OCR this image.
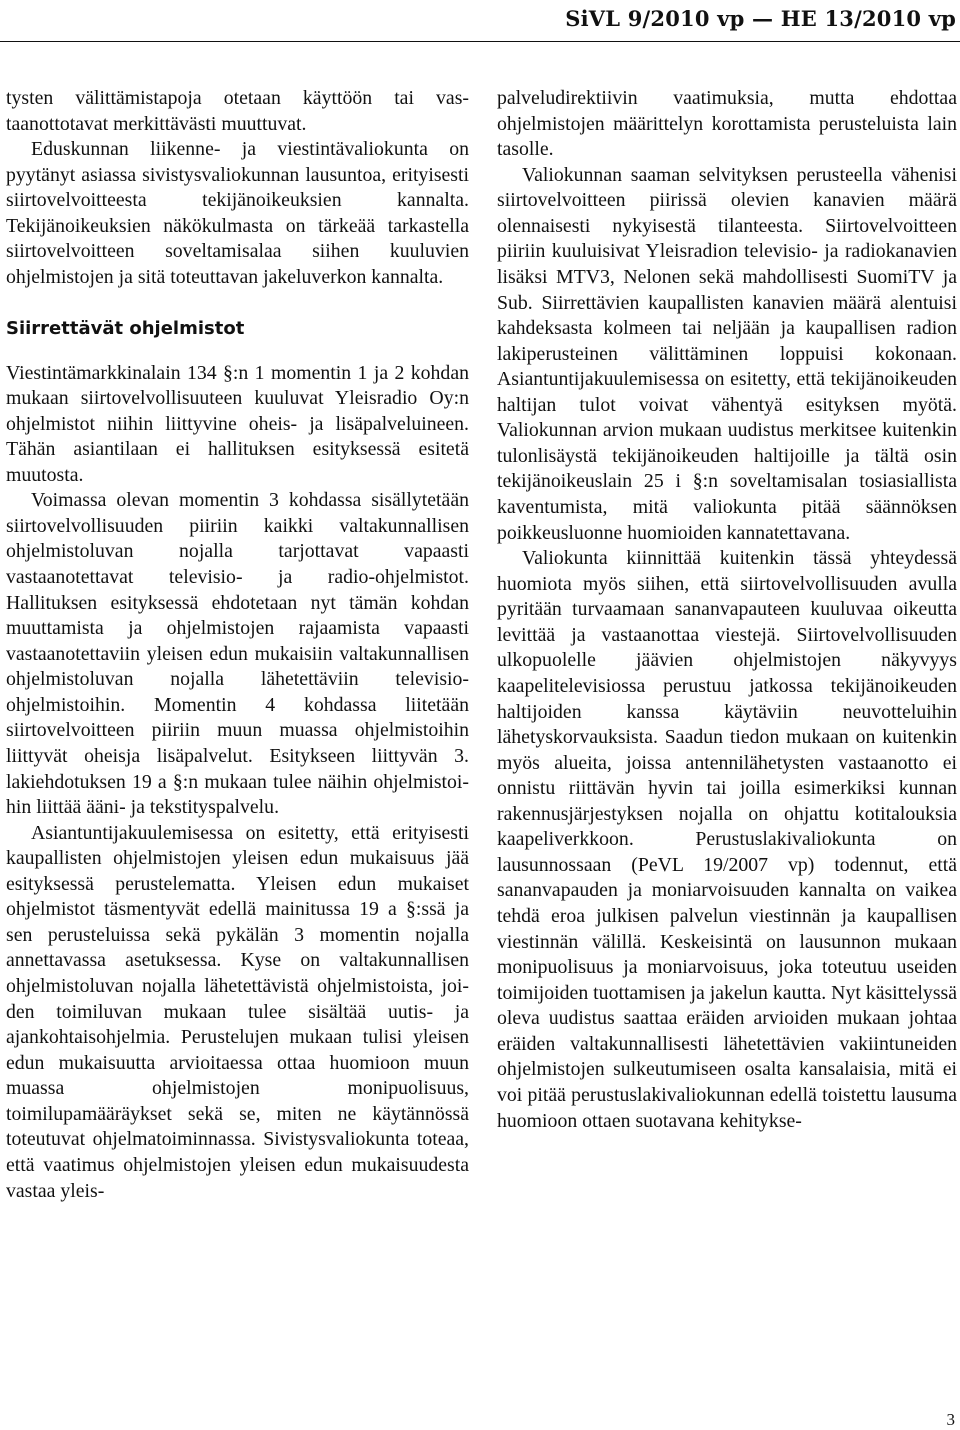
SiVL 9/2010 vp — HE 13/2010 vp

tysten välittämistapoja otetaan käyttöön tai vastaanottotavat merkittävästi muuttuvat.

Eduskunnan liikenne- ja viestintävaliokunta on pyytänyt asiassa sivistysvaliokunnan lausuntoa, erityisesti siirtovelvoitteesta tekijänoikeuksien kannalta. Tekijänoikeuksien näkökulmasta on tärkeää tarkastella siirtovelvoitteen soveltamisalaa siihen kuuluvien ohjelmistojen ja sitä toteuttavan jakeluverkon kannalta.

Siirrettävät ohjelmistot

Viestintämarkkinalain 134 §:n 1 momentin 1 ja 2 kohdan mukaan siirtovelvollisuuteen kuuluvat Yleisradio Oy:n ohjelmistot niihin liittyvine oheis- ja lisäpalveluineen. Tähän asiantilaan ei hallituksen esityksessä esitetä muutosta.

Voimassa olevan momentin 3 kohdassa sisällytetään siirtovelvollisuuden piiriin kaikki valtakunnallisen ohjelmistoluvan nojalla tarjottavat vapaasti vastaanotettavat televisio- ja radio-ohjelmistot. Hallituksen esityksessä ehdotetaan nyt tämän kohdan muuttamista ja ohjelmistojen rajaamista vapaasti vastaanotettaviin yleisen edun mukaisiin valtakunnallisen ohjelmistoluvan nojalla lähetettäviin televisio-ohjelmistoihin. Momentin 4 kohdassa liitetään siirtovelvoitteen piiriin muun muassa ohjelmistoihin liittyvät oheisja lisäpalvelut. Esitykseen liittyvän 3. lakiehdotuksen 19 a §:n mukaan tulee näihin ohjelmistoihin liittää ääni- ja tekstityspalvelu.

Asiantuntijakuulemisessa on esitetty, että erityisesti kaupallisten ohjelmistojen yleisen edun mukaisuus jää esityksessä perustelematta. Yleisen edun mukaiset ohjelmistot täsmentyvät edellä mainitussa 19 a §:ssä ja sen perusteluissa sekä pykälän 3 momentin nojalla annettavassa asetuksessa. Kyse on valtakunnallisen ohjelmistoluvan nojalla lähetettävistä ohjelmistoista, joiden toimiluvan mukaan tulee sisältää uutis- ja ajankohtaisohjelmia. Perustelujen mukaan tulisi yleisen edun mukaisuutta arvioitaessa ottaa huomioon muun muassa ohjelmistojen monipuolisuus, toimilupamääräykset sekä se, miten ne käytännössä toteutuvat ohjelmatoiminnassa. Sivistysvaliokunta toteaa, että vaatimus ohjelmistojen yleisen edun mukaisuudesta vastaa yleis-

palveludirektiivin vaatimuksia, mutta ehdottaa ohjelmistojen määrittelyn korottamista perusteluista lain tasolle.

Valiokunnan saaman selvityksen perusteella vähenisi siirtovelvoitteen piirissä olevien kanavien määrä olennaisesti nykyisestä tilanteesta. Siirtovelvoitteen piiriin kuuluisivat Yleisradion televisio- ja radiokanavien lisäksi MTV3, Nelonen sekä mahdollisesti SuomiTV ja Sub. Siirrettävien kaupallisten kanavien määrä alentuisi kahdeksasta kolmeen tai neljään ja kaupallisen radion lakiperusteinen välittäminen loppuisi kokonaan. Asiantuntijakuulemisessa on esitetty, että tekijänoikeuden haltijan tulot voivat vähentyä esityksen myötä. Valiokunnan arvion mukaan uudistus merkitsee kuitenkin tulonlisäystä tekijänoikeuden haltijoille ja tältä osin tekijänoikeuslain 25 i §:n soveltamisalan tosiasiallista kaventumista, mitä valiokunta pitää säännöksen poikkeusluonne huomioiden kannatettavana.

Valiokunta kiinnittää kuitenkin tässä yhteydessä huomiota myös siihen, että siirtovelvollisuuden avulla pyritään turvaamaan sananvapauteen kuuluvaa oikeutta levittää ja vastaanottaa viestejä. Siirtovelvollisuuden ulkopuolelle jäävien ohjelmistojen näkyvyys kaapelitelevisiossa perustuu jatkossa tekijänoikeuden haltijoiden kanssa käytäviin neuvotteluihin lähetyskorvauksista. Saadun tiedon mukaan on kuitenkin myös alueita, joissa antennilähetysten vastaanotto ei onnistu riittävän hyvin tai joilla esimerkiksi kunnan rakennusjärjestyksen nojalla on ohjattu kotitalouksia kaapeliverkkoon. Perustuslakivaliokunta on lausunnossaan (PeVL 19/2007 vp) todennut, että sananvapauden ja moniarvoisuuden kannalta on vaikea tehdä eroa julkisen palvelun viestinnän ja kaupallisen viestinnän välillä. Keskeisintä on lausunnon mukaan monipuolisuus ja moniarvoisuus, joka toteutuu useiden toimijoiden tuottamisen ja jakelun kautta. Nyt käsittelyssä oleva uudistus saattaa eräiden arvioiden mukaan johtaa eräiden valtakunnallisesti lähetettävien vakiintuneiden ohjelmistojen sulkeutumiseen osalta kansalaisia, mitä ei voi pitää perustuslakivaliokunnan edellä toistettu lausuma huomioon ottaen suotavana kehitykse-

3
